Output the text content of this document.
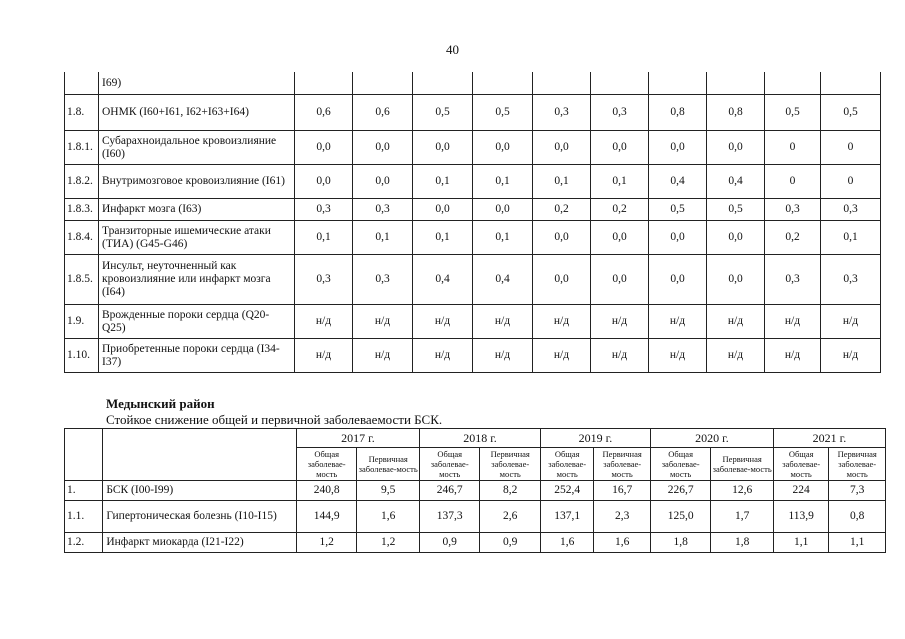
40
	I69)										
1.8.	ОНМК (I60+I61, I62+I63+I64)	0,6	0,6	0,5	0,5	0,3	0,3	0,8	0,8	0,5	0,5
1.8.1.	Субарахноидальное кровоизлияние (I60)	0,0	0,0	0,0	0,0	0,0	0,0	0,0	0,0	0	0
1.8.2.	Внутримозговое кровоизлияние (I61)	0,0	0,0	0,1	0,1	0,1	0,1	0,4	0,4	0	0
1.8.3.	Инфаркт мозга (I63)	0,3	0,3	0,0	0,0	0,2	0,2	0,5	0,5	0,3	0,3
1.8.4.	Транзиторные ишемические атаки (ТИА) (G45-G46)	0,1	0,1	0,1	0,1	0,0	0,0	0,0	0,0	0,2	0,1
1.8.5.	Инсульт, неуточненный как кровоизлияние или инфаркт мозга (I64)	0,3	0,3	0,4	0,4	0,0	0,0	0,0	0,0	0,3	0,3
1.9.	Врожденные пороки сердца (Q20-Q25)	н/д	н/д	н/д	н/д	н/д	н/д	н/д	н/д	н/д	н/д
1.10.	Приобретенные пороки сердца (I34-I37)	н/д	н/д	н/д	н/д	н/д	н/д	н/д	н/д	н/д	н/д
Медынский район
Стойкое снижение общей и первичной заболеваемости БСК.
		2017 г.		2018 г.		2019 г.		2020 г.		2021 г.	
		Общая заболевае-мость	Первичная заболевае-мость	Общая заболевае-мость	Первичная заболевае-мость	Общая заболевае-мость	Первичная заболевае-мость	Общая заболевае-мость	Первичная заболевае-мость	Общая заболевае-мость	Первичная заболевае-мость
1.	БСК (I00-I99)	240,8	9,5	246,7	8,2	252,4	16,7	226,7	12,6	224	7,3
1.1.	Гипертоническая болезнь (I10-I15)	144,9	1,6	137,3	2,6	137,1	2,3	125,0	1,7	113,9	0,8
1.2.	Инфаркт миокарда (I21-I22)	1,2	1,2	0,9	0,9	1,6	1,6	1,8	1,8	1,1	1,1
